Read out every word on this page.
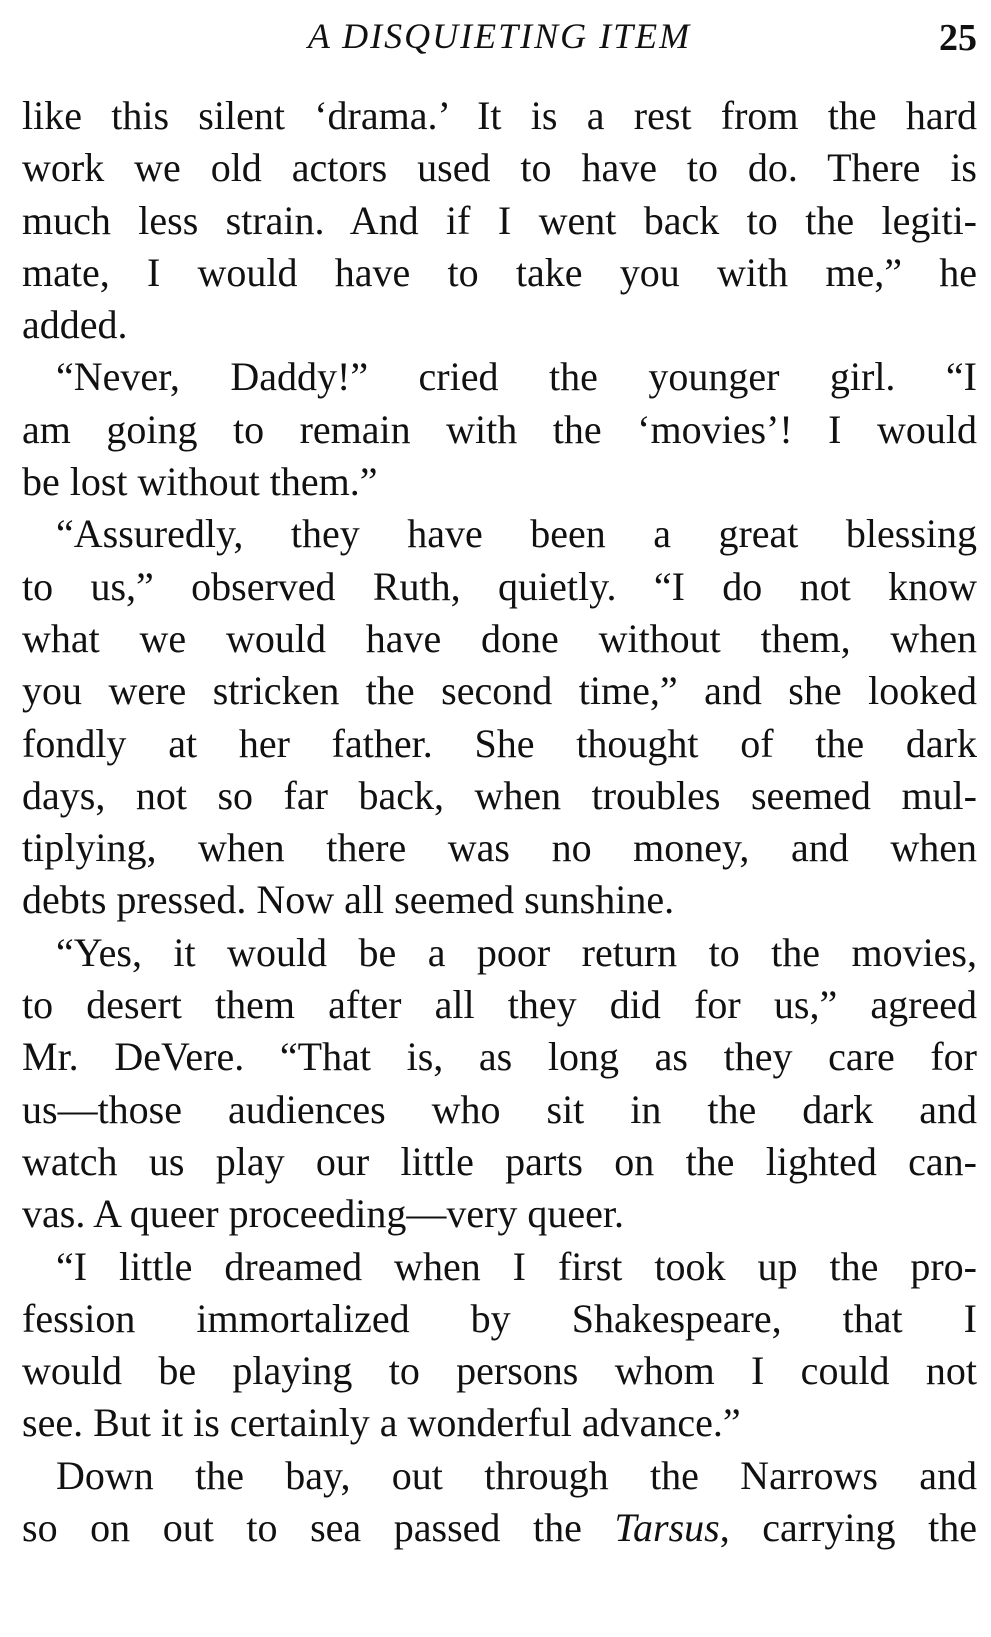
A DISQUIETING ITEM	25
like this silent ‘drama.’ It is a rest from the hard
work we old actors used to have to do. There is
much less strain. And if I went back to the legiti-
mate, I would have to take you with me,” he
added.
“Never, Daddy!” cried the younger girl. “I
am going to remain with the ‘movies’! I would
be lost without them.”
“Assuredly, they have been a great blessing
to us,” observed Ruth, quietly. “I do not know
what we would have done without them, when
you were stricken the second time,” and she looked
fondly at her father. She thought of the dark
days, not so far back, when troubles seemed mul-
tiplying, when there was no money, and when
debts pressed. Now all seemed sunshine.
“Yes, it would be a poor return to the movies,
to desert them after all they did for us,” agreed
Mr. DeVere. “That is, as long as they care for
us—those audiences who sit in the dark and
watch us play our little parts on the lighted can-
vas. A queer proceeding—very queer.
“I little dreamed when I first took up the pro-
fession immortalized by Shakespeare, that I
would be playing to persons whom I could not
see. But it is certainly a wonderful advance.”
Down the bay, out through the Narrows and
so on out to sea passed the Tarsus, carrying the
